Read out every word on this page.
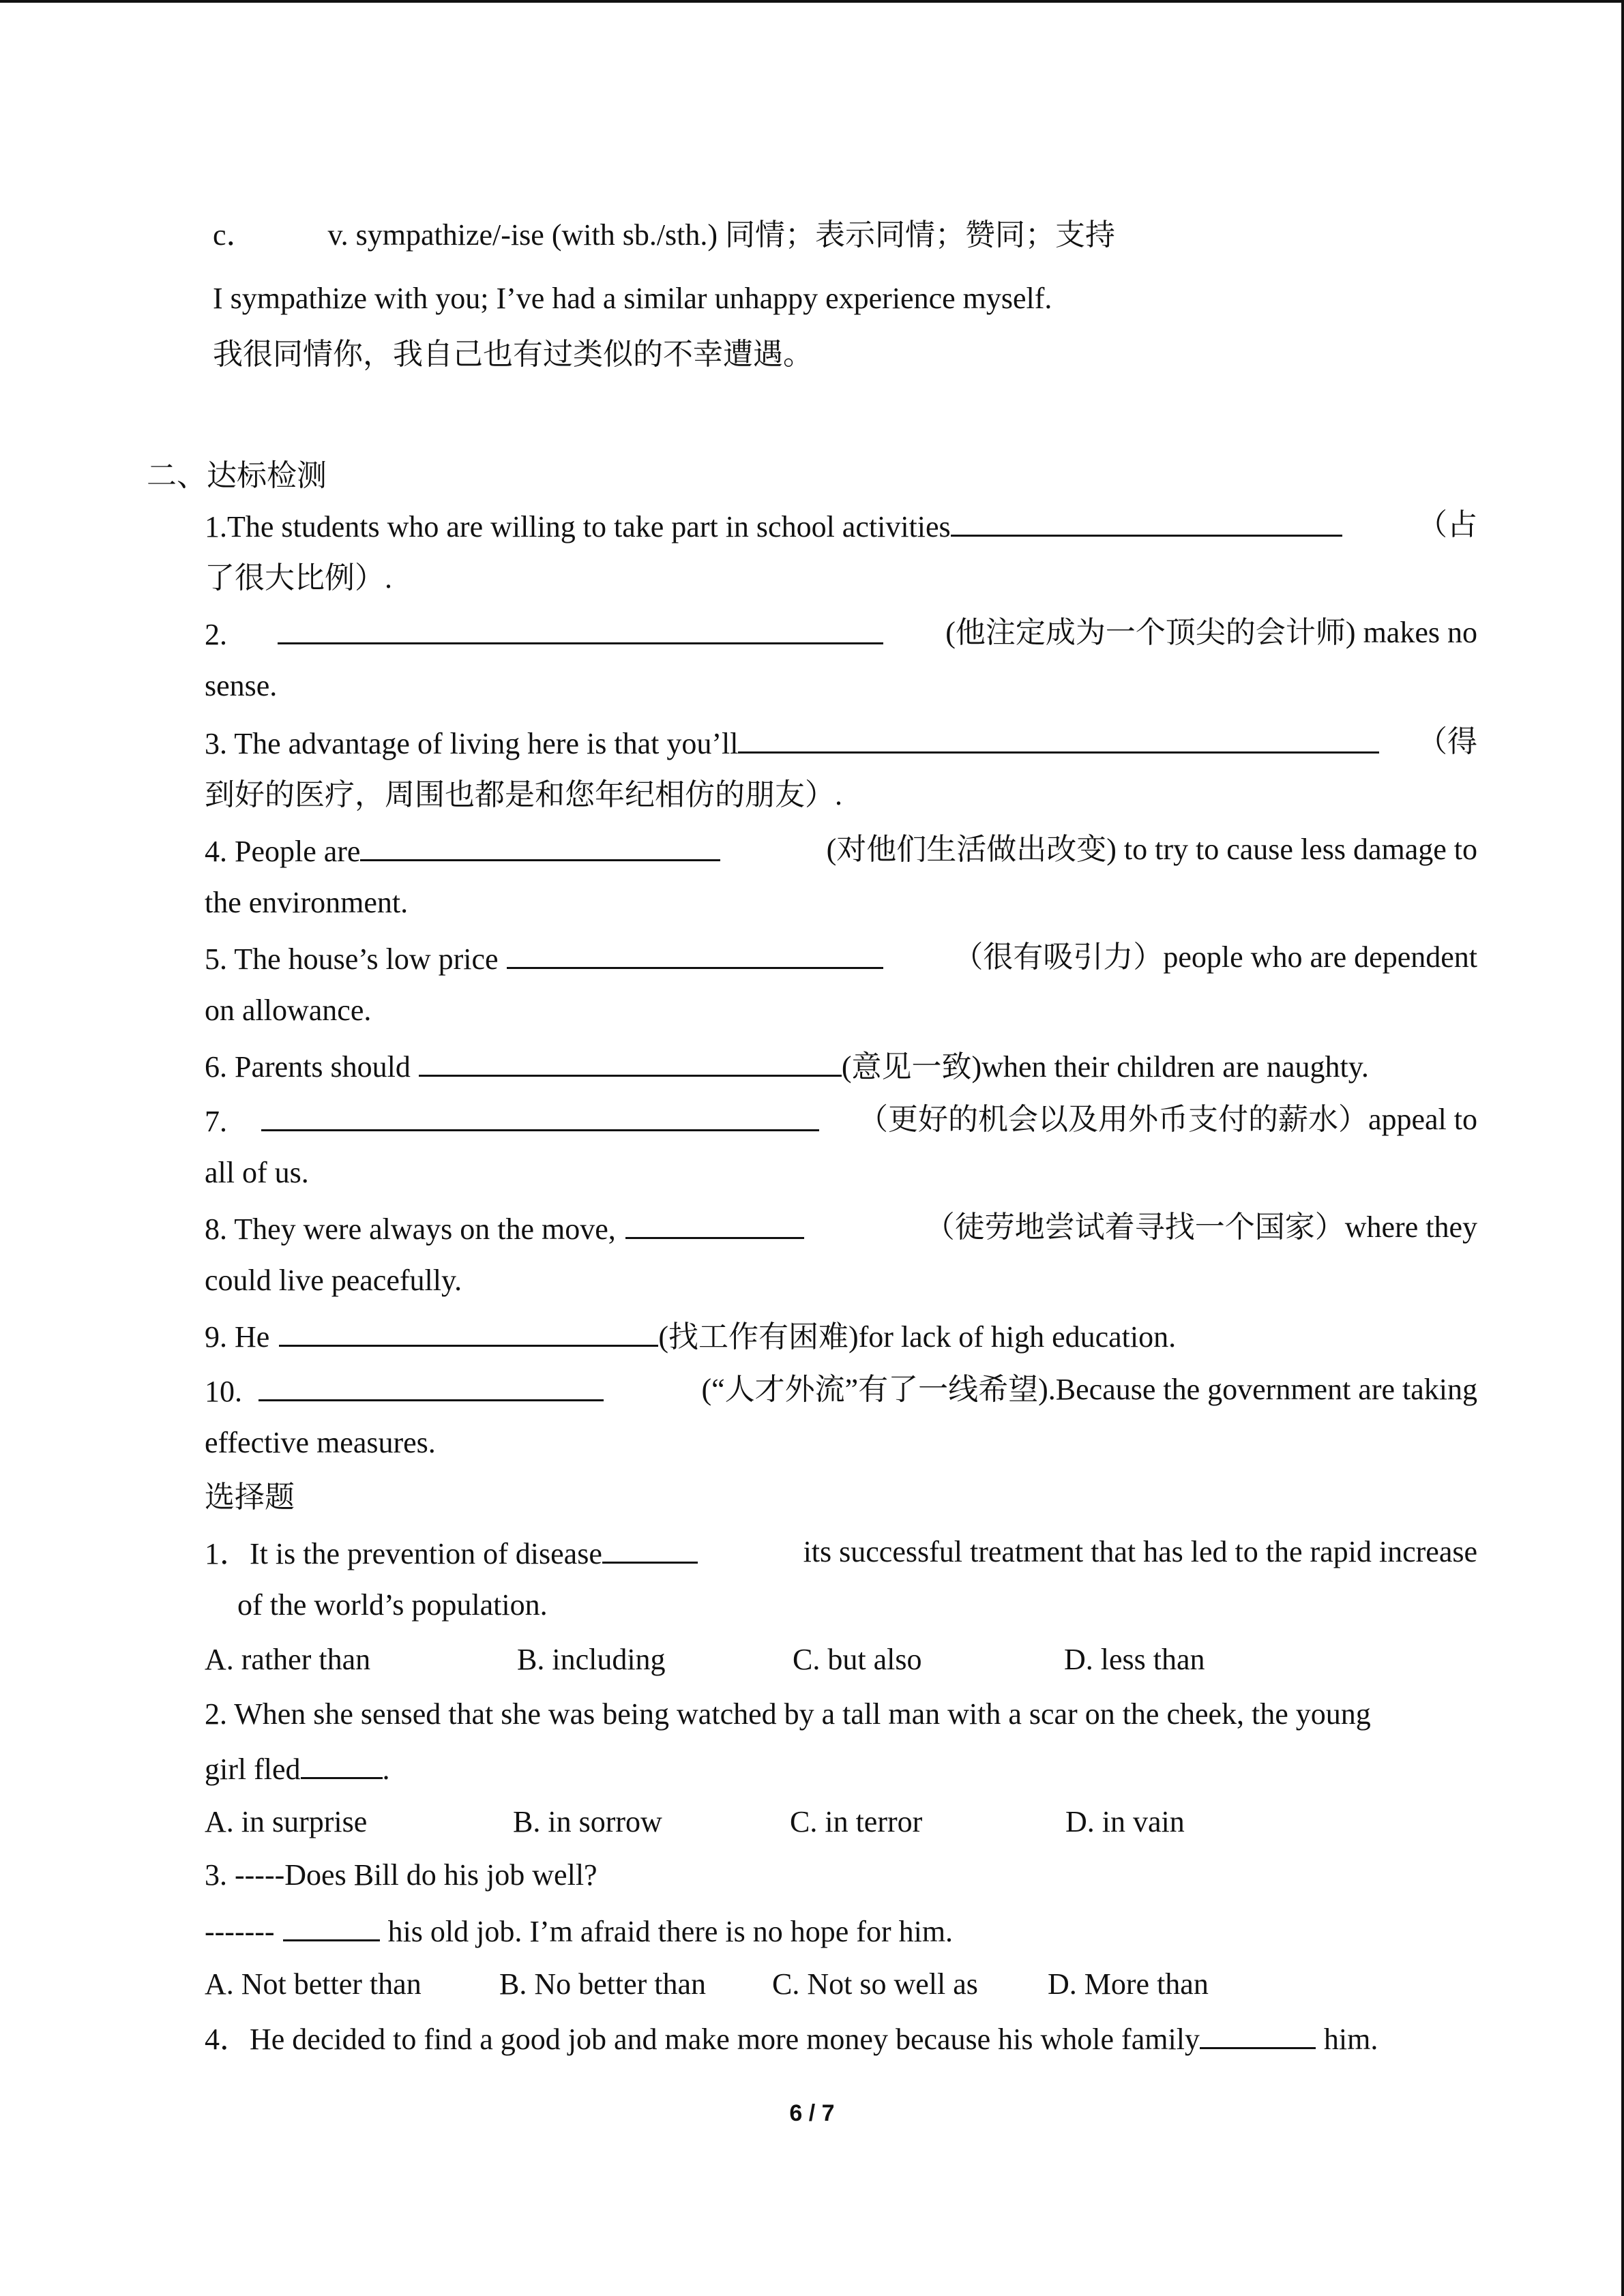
c． v. sympathize/-ise (with sb./sth.) 同情；表示同情；赞同；支持
I sympathize with you; I’ve had a similar unhappy experience myself.
我很同情你，我自己也有过类似的不幸遭遇。
二、达标检测
1.The students who are willing to take part in school activities	（占
了很大比例）.
2.	(他注定成为一个顶尖的会计师) makes no
sense.
3. The advantage of living here is that you’ll	（得
到好的医疗，周围也都是和您年纪相仿的朋友）.
4. People are	(对他们生活做出改变) to try to cause less damage to
the environment.
5. The house’s low price	（很有吸引力）people who are dependent
on allowance.
6. Parents should	(意见一致)when their children are naughty.
7.	（更好的机会以及用外币支付的薪水）appeal to
all of us.
8. They were always on the move,	（徒劳地尝试着寻找一个国家）where they
could live peacefully.
9. He	(找工作有困难)for lack of high education.
10.	(“人才外流”有了一线希望).Because the government are taking
effective measures.
选择题
1．It is the prevention of disease	its successful treatment that has led to the rapid increase
of the world’s population.
A. rather than	B. including	C. but also	D. less than
2. When she sensed that she was being watched by a tall man with a scar on the cheek, the young
girl fled	.
A. in surprise	B. in sorrow	C. in terror	D. in vain
3. -----Does Bill do his job well?
-------	his old job. I’m afraid there is no hope for him.
A. Not better than	B. No better than C. Not so well as D. More than
4．He decided to find a good job and make more money because his whole family	him.
6 / 7
